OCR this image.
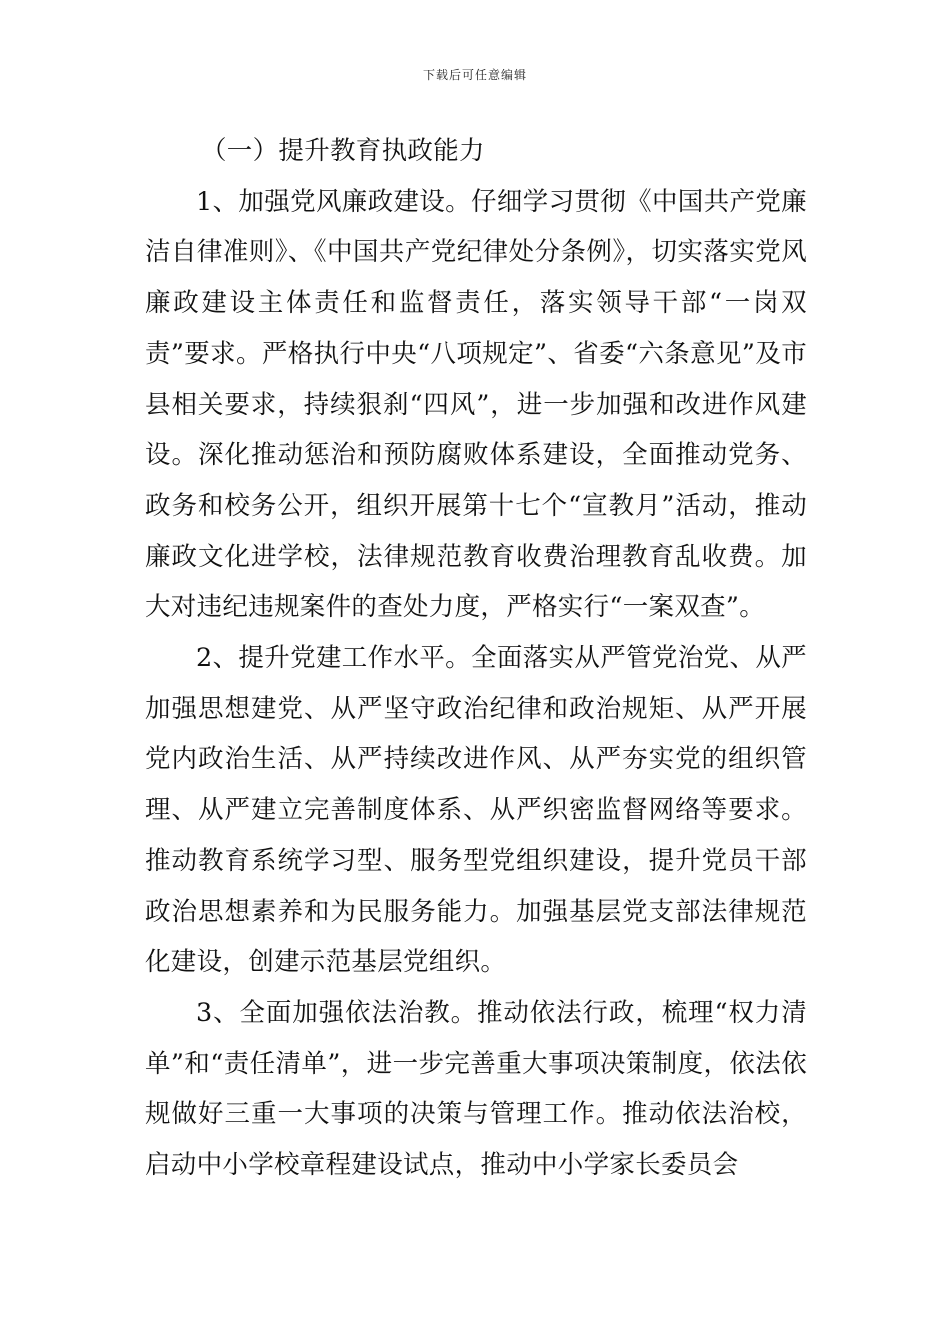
下载后可任意编辑

（一）提升教育执政能力

1、加强党风廉政建设。仔细学习贯彻《中国共产党廉洁自律准则》、《中国共产党纪律处分条例》，切实落实党风廉政建设主体责任和监督责任，落实领导干部“一岗双责”要求。严格执行中央“八项规定”、省委“六条意见”及市县相关要求，持续狠刹“四风”，进一步加强和改进作风建设。深化推动惩治和预防腐败体系建设，全面推动党务、政务和校务公开，组织开展第十七个“宣教月”活动，推动廉政文化进学校，法律规范教育收费治理教育乱收费。加大对违纪违规案件的查处力度，严格实行“一案双查”。

2、提升党建工作水平。全面落实从严管党治党、从严加强思想建党、从严坚守政治纪律和政治规矩、从严开展党内政治生活、从严持续改进作风、从严夯实党的组织管理、从严建立完善制度体系、从严织密监督网络等要求。推动教育系统学习型、服务型党组织建设，提升党员干部政治思想素养和为民服务能力。加强基层党支部法律规范化建设，创建示范基层党组织。

3、全面加强依法治教。推动依法行政，梳理“权力清单”和“责任清单”，进一步完善重大事项决策制度，依法依规做好三重一大事项的决策与管理工作。推动依法治校，启动中小学校章程建设试点，推动中小学家长委员会
